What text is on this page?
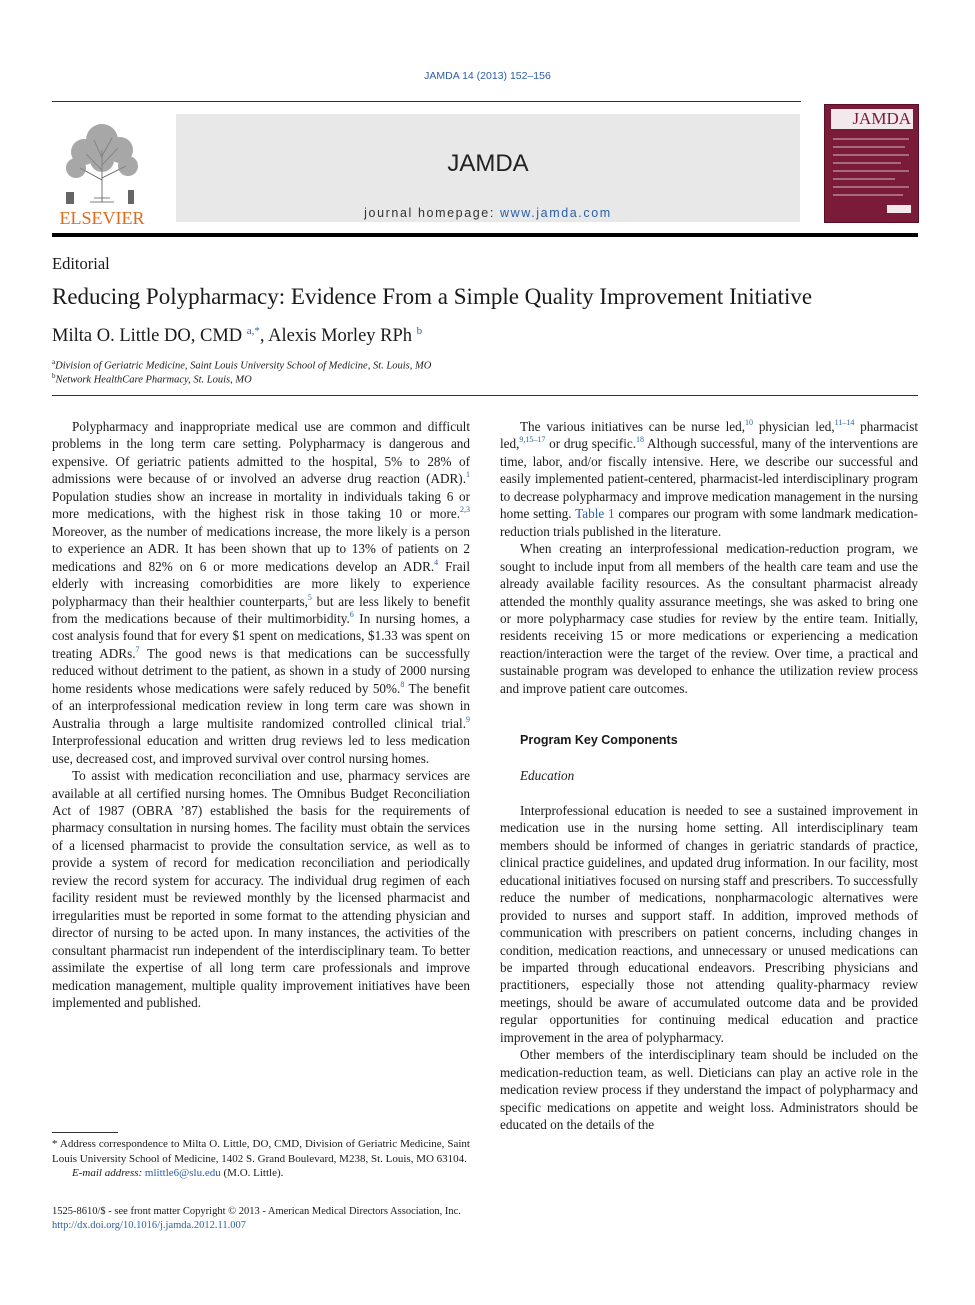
JAMDA 14 (2013) 152–156
ELSEVIER
JAMDA
journal homepage: www.jamda.com
JAMDA
Editorial
Reducing Polypharmacy: Evidence From a Simple Quality Improvement Initiative
Milta O. Little DO, CMD $^{a,*}$, Alexis Morley RPh $^b$
$^a$Division of Geriatric Medicine, Saint Louis University School of Medicine, St. Louis, MO
$^b$Network HealthCare Pharmacy, St. Louis, MO

Polypharmacy and inappropriate medical use are common and difficult problems in the long term care setting. Polypharmacy is dangerous and expensive. Of geriatric patients admitted to the hospital, 5% to 28% of admissions were because of or involved an adverse drug reaction (ADR).$^1$ Population studies show an increase in mortality in individuals taking 6 or more medications, with the highest risk in those taking 10 or more.$^{2,3}$ Moreover, as the number of medications increase, the more likely is a person to experience an ADR. It has been shown that up to 13% of patients on 2 medications and 82% on 6 or more medications develop an ADR.$^4$ Frail elderly with increasing comorbidities are more likely to experience polypharmacy than their healthier counterparts,$^5$ but are less likely to benefit from the medications because of their multimorbidity.$^6$ In nursing homes, a cost analysis found that for every $1 spent on medications, $1.33 was spent on treating ADRs.$^7$ The good news is that medications can be successfully reduced without detriment to the patient, as shown in a study of 2000 nursing home residents whose medications were safely reduced by 50%.$^8$ The benefit of an interprofessional medication review in long term care was shown in Australia through a large multisite randomized controlled clinical trial.$^9$ Interprofessional education and written drug reviews led to less medication use, decreased cost, and improved survival over control nursing homes.

To assist with medication reconciliation and use, pharmacy services are available at all certified nursing homes. The Omnibus Budget Reconciliation Act of 1987 (OBRA ’87) established the basis for the requirements of pharmacy consultation in nursing homes. The facility must obtain the services of a licensed pharmacist to provide the consultation service, as well as to provide a system of record for medication reconciliation and periodically review the record system for accuracy. The individual drug regimen of each facility resident must be reviewed monthly by the licensed pharmacist and irregularities must be reported in some format to the attending physician and director of nursing to be acted upon. In many instances, the activities of the consultant pharmacist run independent of the interdisciplinary team. To better assimilate the expertise of all long term care professionals and improve medication management, multiple quality improvement initiatives have been implemented and published.

The various initiatives can be nurse led,$^{10}$ physician led,$^{11-14}$ pharmacist led,$^{9,15-17}$ or drug specific.$^{18}$ Although successful, many of the interventions are time, labor, and/or fiscally intensive. Here, we describe our successful and easily implemented patient-centered, pharmacist-led interdisciplinary program to decrease polypharmacy and improve medication management in the nursing home setting. Table 1 compares our program with some landmark medication-reduction trials published in the literature.

When creating an interprofessional medication-reduction program, we sought to include input from all members of the health care team and use the already available facility resources. As the consultant pharmacist already attended the monthly quality assurance meetings, she was asked to bring one or more polypharmacy case studies for review by the entire team. Initially, residents receiving 15 or more medications or experiencing a medication reaction/interaction were the target of the review. Over time, a practical and sustainable program was developed to enhance the utilization review process and improve patient care outcomes.

Program Key Components

Education

Interprofessional education is needed to see a sustained improvement in medication use in the nursing home setting. All interdisciplinary team members should be informed of changes in geriatric standards of practice, clinical practice guidelines, and updated drug information. In our facility, most educational initiatives focused on nursing staff and prescribers. To successfully reduce the number of medications, nonpharmacologic alternatives were provided to nurses and support staff. In addition, improved methods of communication with prescribers on patient concerns, including changes in condition, medication reactions, and unnecessary or unused medications can be imparted through educational endeavors. Prescribing physicians and practitioners, especially those not attending quality-pharmacy review meetings, should be aware of accumulated outcome data and be provided regular opportunities for continuing medical education and practice improvement in the area of polypharmacy.

Other members of the interdisciplinary team should be included on the medication-reduction team, as well. Dieticians can play an active role in the medication review process if they understand the impact of polypharmacy and specific medications on appetite and weight loss. Administrators should be educated on the details of the

* Address correspondence to Milta O. Little, DO, CMD, Division of Geriatric Medicine, Saint Louis University School of Medicine, 1402 S. Grand Boulevard, M238, St. Louis, MO 63104.

E-mail address: mlittle6@slu.edu (M.O. Little).

1525-8610/$ - see front matter Copyright © 2013 - American Medical Directors Association, Inc.
http://dx.doi.org/10.1016/j.jamda.2012.11.007
